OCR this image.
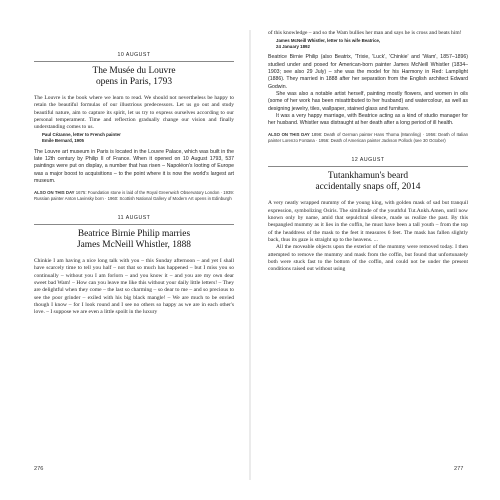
10 AUGUST
The Musée du Louvre
opens in Paris, 1793

The Louvre is the book where we learn to read. We should not nevertheless be happy to retain the beautiful formulas of our illustrious predecessors. Let us go out and study beautiful nature, aim to capture its spirit, let us try to express ourselves according to our personal temperament. Time and reflection gradually change our vision and finally understanding comes to us.

Paul Cézanne, letter to French painter
Emile Bernard, 1905

The Louvre art museum in Paris is located in the Louvre Palace, which was built in the late 12th century by Philip II of France. When it opened on 10 August 1793, 537 paintings were put on display, a number that has risen – Napoléon's looting of Europe was a major boost to acquisitions – to the point where it is now the world's largest art museum.

ALSO ON THIS DAY 1675: Foundation stone is laid of the Royal Greenwich Observatory London · 1939: Russian painter Anton Lavinsky born · 1960: Scottish National Gallery of Modern Art opens in Edinburgh

11 AUGUST
Beatrice Birnie Philip marries
James McNeill Whistler, 1888

Chinkie I am having a nice long talk with you – this Sunday afternoon – and yet I shall have scarcely time to tell you half – not that so much has happened – but I miss you so continually – without you I am forlorn – and you know it – and you are my own dear sweet bad Wam! – How can you leave me like this without your daily little letters! – They are delightful when they come – the last so charming – so dear to me – and so precious to see the poor grinder – exiled with his big black mangle! – We are much to be envied though I know – for I look round and I see no others so happy as we are in each other's love. – I suppose we are even a little spoilt in the luxury

of this knowledge – and so the Wam bullies her man and says he is cross and beats him!

James McNeill Whistler, letter to his wife Beatrice,
24 January 1892

Beatrice Birnie Philip (also Beatrix, 'Trixie, 'Luck', 'Chinkie' and 'Wam', 1857–1896) studied under and posed for American-born painter James McNeill Whistler (1834–1903; see also 29 July) – she was the model for his Harmony in Red: Lamplight (1886). They married in 1888 after her separation from the English architect Edward Godwin.

She was also a notable artist herself, painting mostly flowers, and women in oils (some of her work has been misattributed to her husband) and watercolour, as well as designing jewelry, tiles, wallpaper, stained glass and furniture.

It was a very happy marriage, with Beatrice acting as a kind of studio manager for her husband. Whistler was distraught at her death after a long period of ill health.

ALSO ON THIS DAY 1898: Death of German painter Hans Thoma (Mannling) · 1956: Death of Italian painter Lorenzo Fontana · 1956: Death of American painter Jackson Pollock (see 30 October)

12 AUGUST
Tutankhamun's beard
accidentally snaps off, 2014

A very neatly wrapped mummy of the young king, with golden mask of sad but tranquil expression, symbolizing Osiris. The similitude of the youthful Tut.Ankh.Amen, until now known only by name, amid that sepulchral silence, made us realize the past. By this bespangled mummy as it lies in the coffin, he must have been a tall youth – from the top of the headdress of the mask to the feet it measures 6 feet. The mask has fallen slightly back, thus its gaze is straight up to the heavens. ...

All the moveable objects upon the exterior of the mummy were removed today. I then attempted to remove the mummy and mask from the coffin, but found that unfortunately both were stuck fast to the bottom of the coffin, and could not be under the present conditions raised out without using

276	277
